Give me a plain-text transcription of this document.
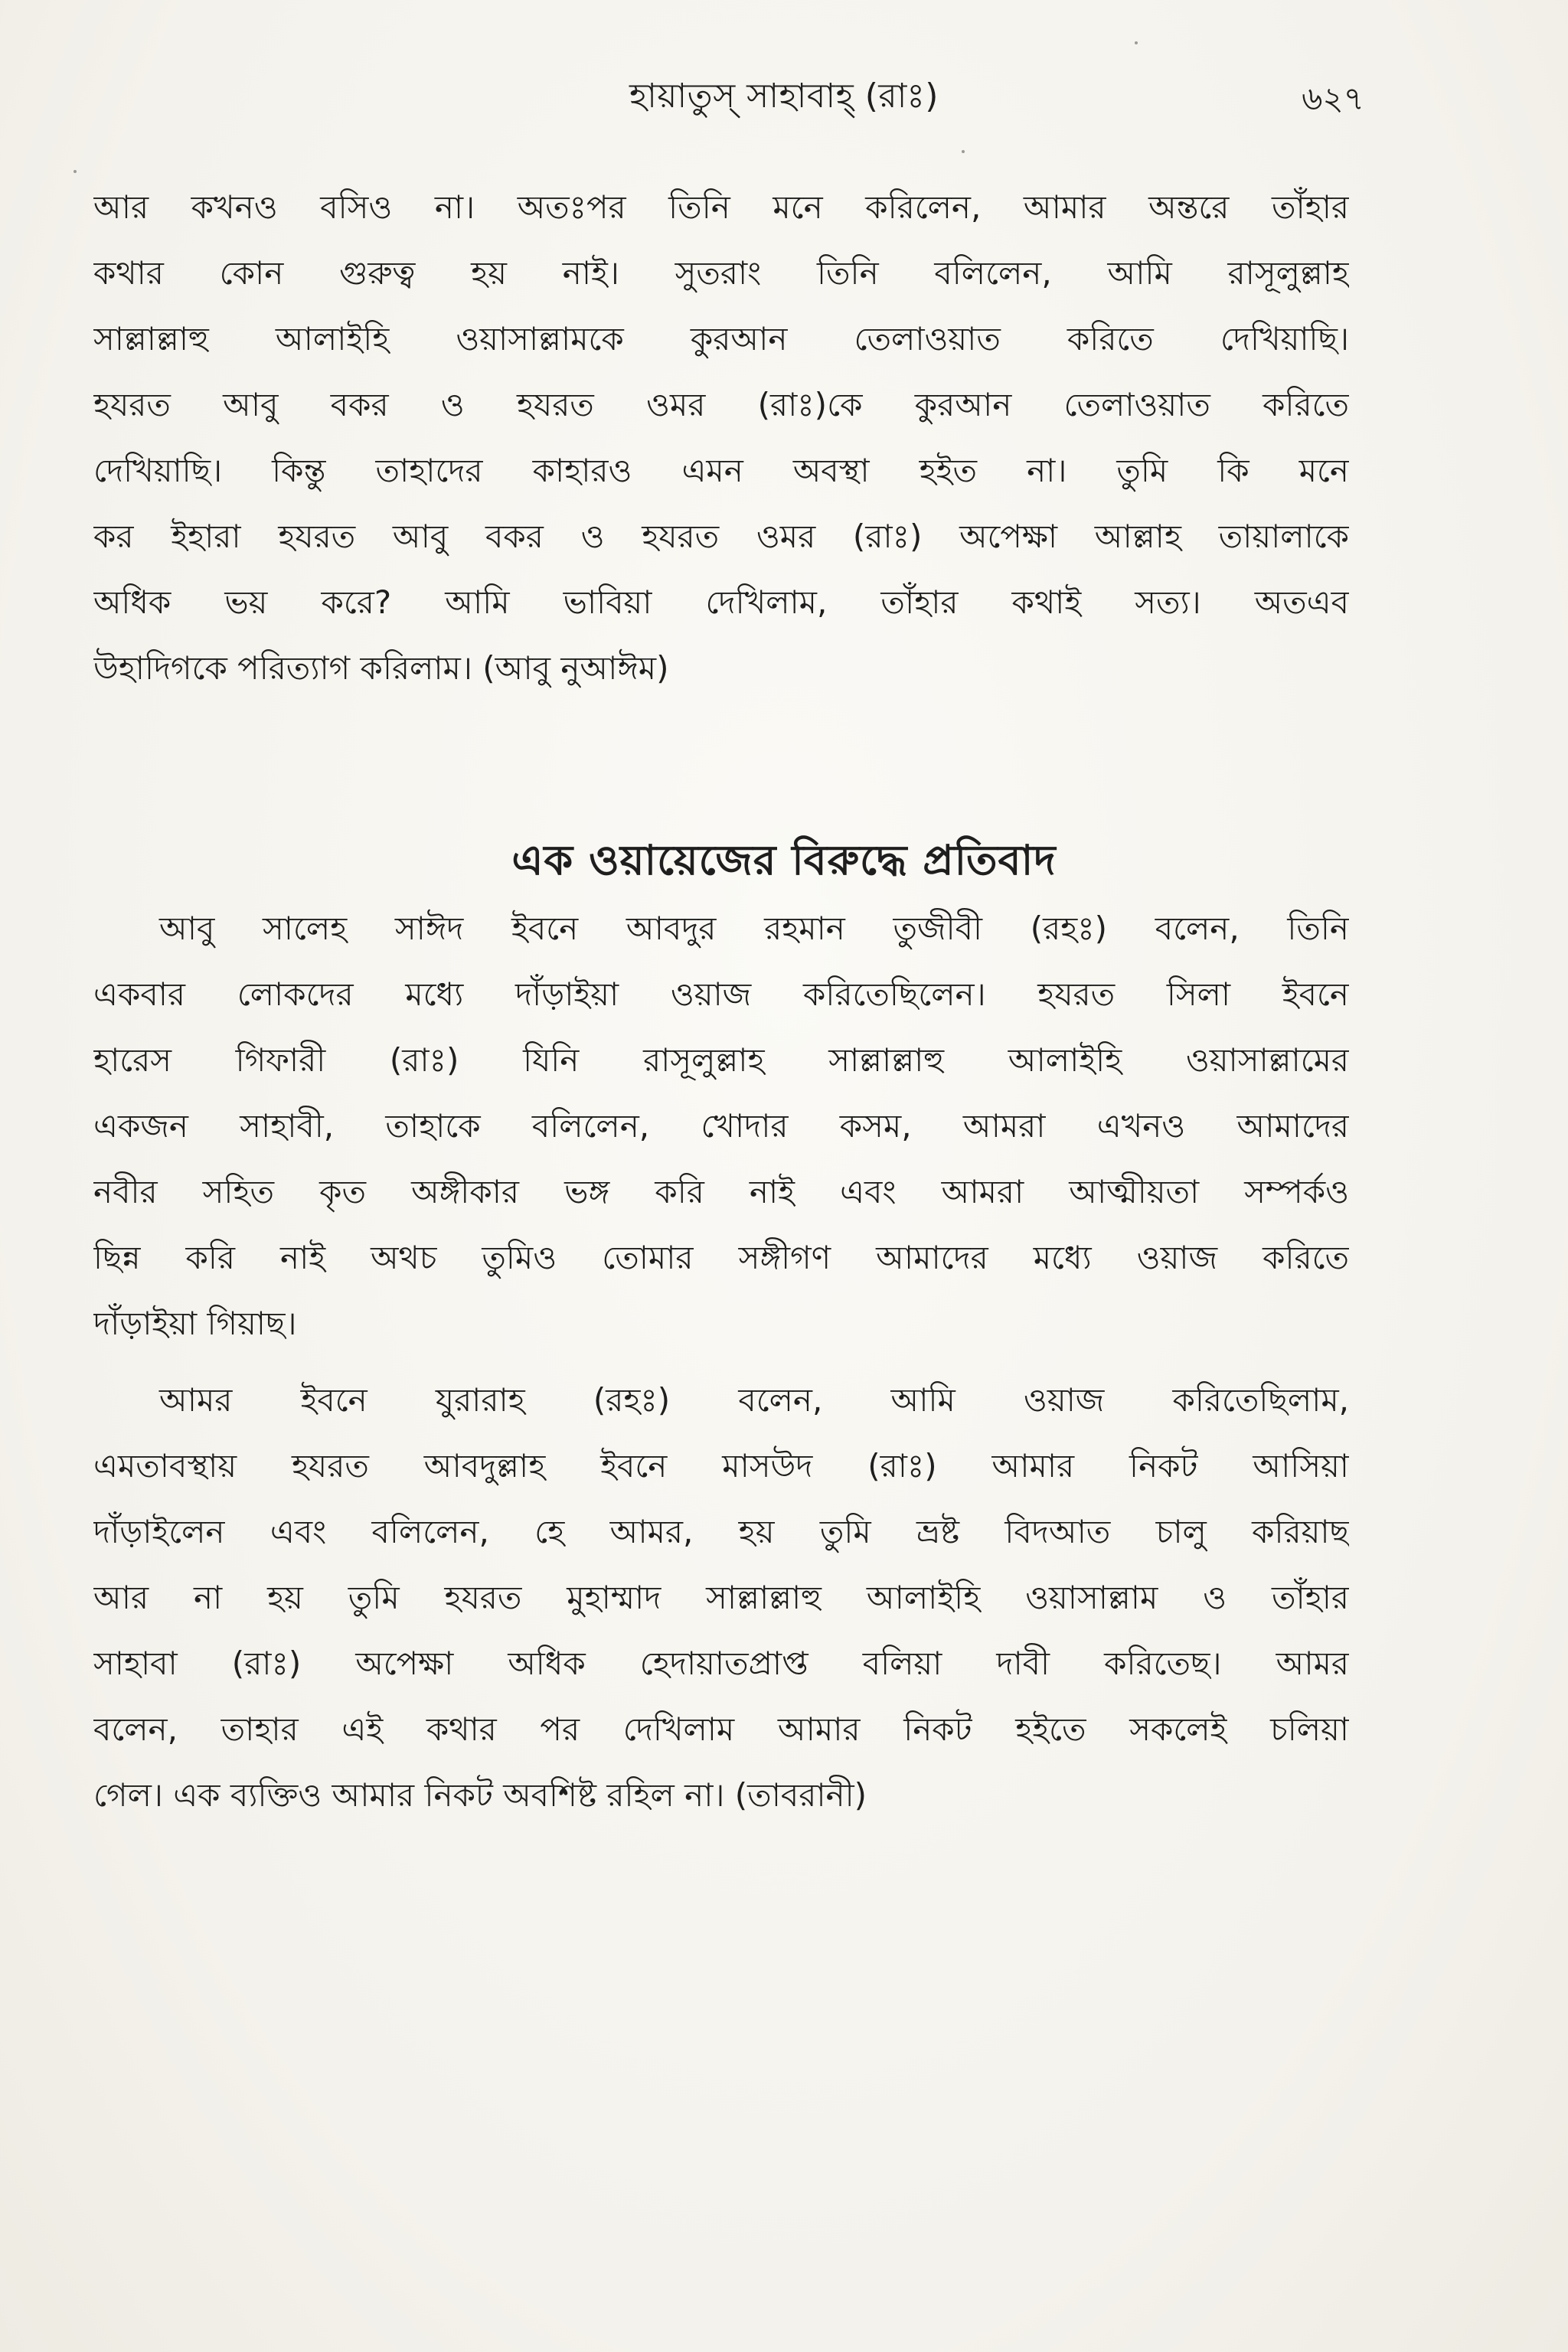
হায়াতুস্ সাহাবাহ্ (রাঃ)	৬২৭
আর কখনও বসিও না। অতঃপর তিনি মনে করিলেন, আমার অন্তরে তাঁহার
কথার কোন গুরুত্ব হয় নাই। সুতরাং তিনি বলিলেন, আমি রাসূলুল্লাহ
সাল্লাল্লাহু আলাইহি ওয়াসাল্লামকে কুরআন তেলাওয়াত করিতে দেখিয়াছি।
হযরত আবু বকর ও হযরত ওমর (রাঃ)কে কুরআন তেলাওয়াত করিতে
দেখিয়াছি। কিন্তু তাহাদের কাহারও এমন অবস্থা হইত না। তুমি কি মনে
কর ইহারা হযরত আবু বকর ও হযরত ওমর (রাঃ) অপেক্ষা আল্লাহ তায়ালাকে
অধিক ভয় করে? আমি ভাবিয়া দেখিলাম, তাঁহার কথাই সত্য। অতএব
উহাদিগকে পরিত্যাগ করিলাম। (আবু নুআঈম)
এক ওয়ায়েজের বিরুদ্ধে প্রতিবাদ
আবু সালেহ সাঈদ ইবনে আবদুর রহমান তুজীবী (রহঃ) বলেন, তিনি
একবার লোকদের মধ্যে দাঁড়াইয়া ওয়াজ করিতেছিলেন। হযরত সিলা ইবনে
হারেস গিফারী (রাঃ) যিনি রাসূলুল্লাহ সাল্লাল্লাহু আলাইহি ওয়াসাল্লামের
একজন সাহাবী, তাহাকে বলিলেন, খোদার কসম, আমরা এখনও আমাদের
নবীর সহিত কৃত অঙ্গীকার ভঙ্গ করি নাই এবং আমরা আত্মীয়তা সম্পর্কও
ছিন্ন করি নাই অথচ তুমিও তোমার সঙ্গীগণ আমাদের মধ্যে ওয়াজ করিতে
দাঁড়াইয়া গিয়াছ।
আমর ইবনে যুরারাহ (রহঃ) বলেন, আমি ওয়াজ করিতেছিলাম,
এমতাবস্থায় হযরত আবদুল্লাহ ইবনে মাসউদ (রাঃ) আমার নিকট আসিয়া
দাঁড়াইলেন এবং বলিলেন, হে আমর, হয় তুমি ভ্রষ্ট বিদআত চালু করিয়াছ
আর না হয় তুমি হযরত মুহাম্মাদ সাল্লাল্লাহু আলাইহি ওয়াসাল্লাম ও তাঁহার
সাহাবা (রাঃ) অপেক্ষা অধিক হেদায়াতপ্রাপ্ত বলিয়া দাবী করিতেছ। আমর
বলেন, তাহার এই কথার পর দেখিলাম আমার নিকট হইতে সকলেই চলিয়া
গেল। এক ব্যক্তিও আমার নিকট অবশিষ্ট রহিল না। (তাবরানী)
